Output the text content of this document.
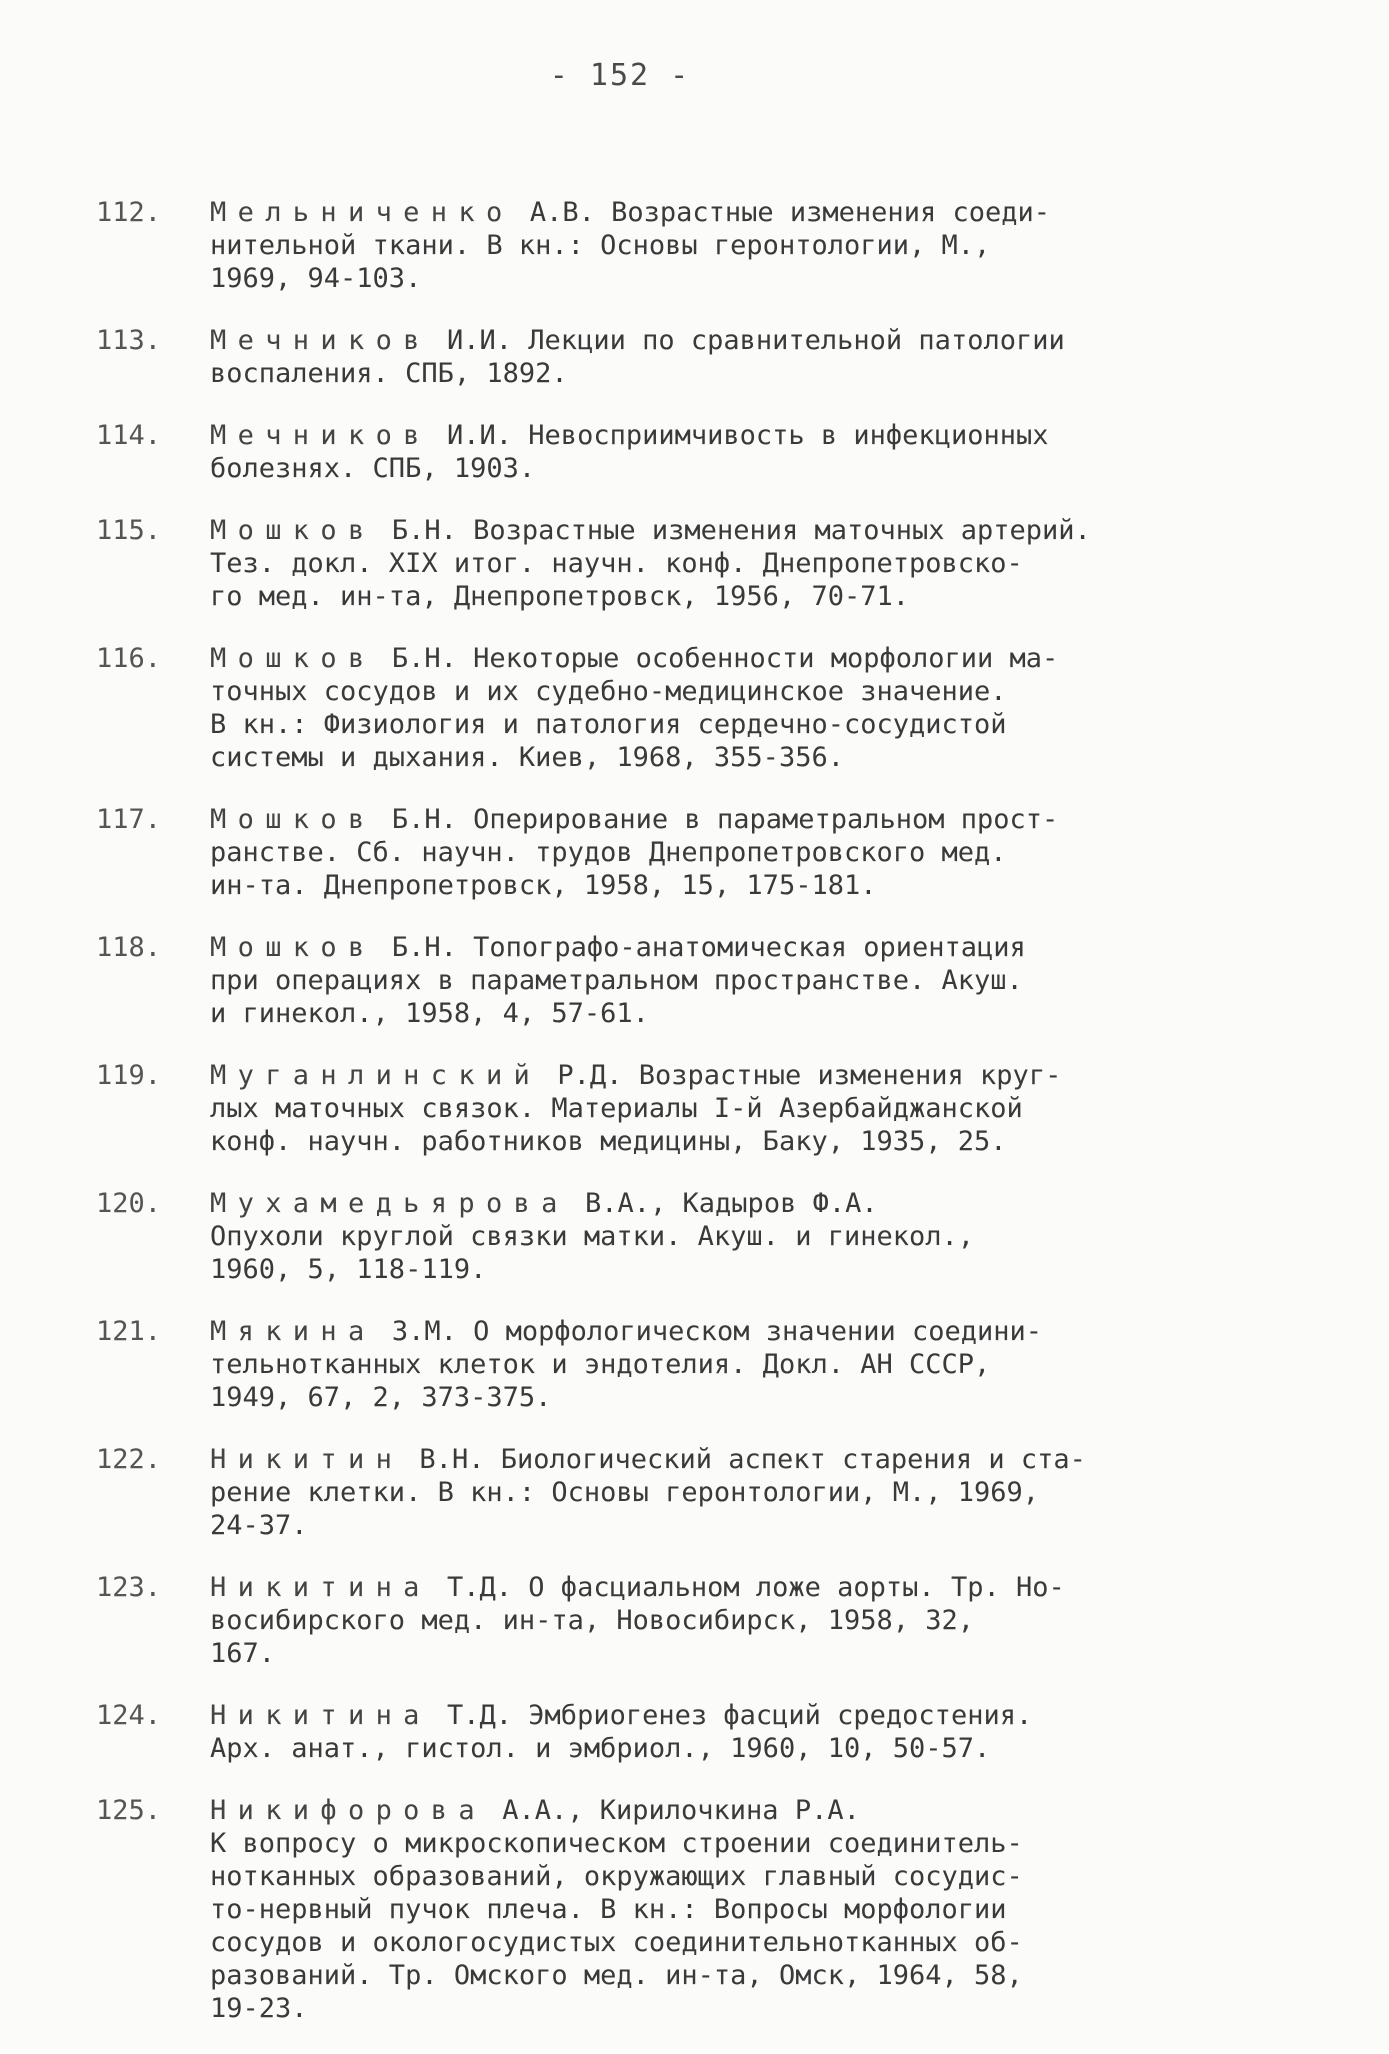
- 152 -
112.	Мельниченко А.В. Возрастные изменения соеди-
нительной ткани. В кн.: Основы геронтологии, М.,
1969, 94-103.
113.	Мечников И.И. Лекции по сравнительной патологии
воспаления. СПБ, 1892.
114.	Мечников И.И. Невосприимчивость в инфекционных
болезнях. СПБ, 1903.
115.	Мошков Б.Н. Возрастные изменения маточных артерий.
Тез. докл. XIX итог. научн. конф. Днепропетровско-
го мед. ин-та, Днепропетровск, 1956, 70-71.
116.	Мошков Б.Н. Некоторые особенности морфологии ма-
точных сосудов и их судебно-медицинское значение.
В кн.: Физиология и патология сердечно-сосудистой
системы и дыхания. Киев, 1968, 355-356.
117.	Мошков Б.Н. Оперирование в параметральном прост-
ранстве. Сб. научн. трудов Днепропетровского мед.
ин-та. Днепропетровск, 1958, 15, 175-181.
118.	Мошков Б.Н. Топографо-анатомическая ориентация
при операциях в параметральном пространстве. Акуш.
и гинекол., 1958, 4, 57-61.
119.	Муганлинский Р.Д. Возрастные изменения круг-
лых маточных связок. Материалы I-й Азербайджанской
конф. научн. работников медицины, Баку, 1935, 25.
120.	Мухамедьярова В.А., Кадыров Ф.А.
Опухоли круглой связки матки. Акуш. и гинекол.,
1960, 5, 118-119.
121.	Мякина З.М. О морфологическом значении соедини-
тельнотканных клеток и эндотелия. Докл. АН СССР,
1949, 67, 2, 373-375.
122.	Никитин В.Н. Биологический аспект старения и ста-
рение клетки. В кн.: Основы геронтологии, М., 1969,
24-37.
123.	Никитина Т.Д. О фасциальном ложе аорты. Тр. Но-
восибирского мед. ин-та, Новосибирск, 1958, 32,
167.
124.	Никитина Т.Д. Эмбриогенез фасций средостения.
Арх. анат., гистол. и эмбриол., 1960, 10, 50-57.
125.	Никифорова А.А., Кирилочкина Р.А.
К вопросу о микроскопическом строении соединитель-
нотканных образований, окружающих главный сосудис-
то-нервный пучок плеча. В кн.: Вопросы морфологии
сосудов и окологосудистых соединительнотканных об-
разований. Тр. Омского мед. ин-та, Омск, 1964, 58,
19-23.
